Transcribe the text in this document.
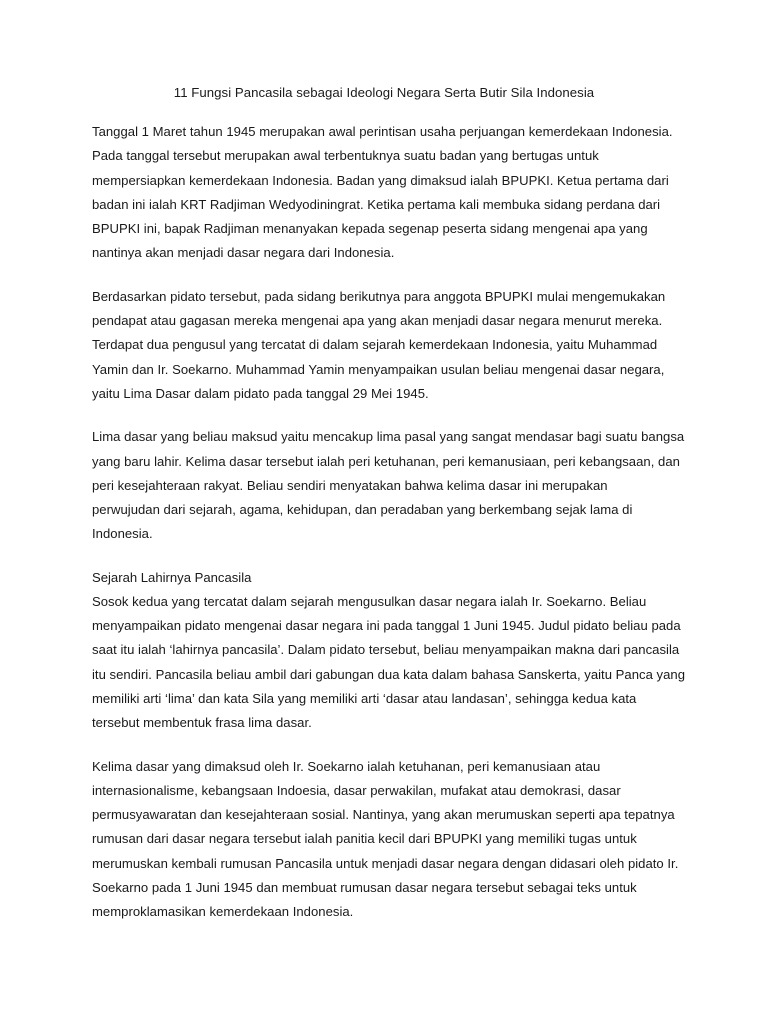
11 Fungsi Pancasila sebagai Ideologi Negara Serta Butir Sila Indonesia
Tanggal 1 Maret tahun 1945 merupakan awal perintisan usaha perjuangan kemerdekaan Indonesia.
Pada tanggal tersebut merupakan awal terbentuknya suatu badan yang bertugas untuk
mempersiapkan kemerdekaan Indonesia. Badan yang dimaksud ialah BPUPKI. Ketua pertama dari
badan ini ialah KRT Radjiman Wedyodiningrat. Ketika pertama kali membuka sidang perdana dari
BPUPKI ini, bapak Radjiman menanyakan kepada segenap peserta sidang mengenai apa yang
nantinya akan menjadi dasar negara dari Indonesia.
Berdasarkan pidato tersebut, pada sidang berikutnya para anggota BPUPKI mulai mengemukakan
pendapat atau gagasan mereka mengenai apa yang akan menjadi dasar negara menurut mereka.
Terdapat dua pengusul yang tercatat di dalam sejarah kemerdekaan Indonesia, yaitu Muhammad
Yamin dan Ir. Soekarno. Muhammad Yamin menyampaikan usulan beliau mengenai dasar negara,
yaitu Lima Dasar dalam pidato pada tanggal 29 Mei 1945.
Lima dasar yang beliau maksud yaitu mencakup lima pasal yang sangat mendasar bagi suatu bangsa
yang baru lahir. Kelima dasar tersebut ialah peri ketuhanan, peri kemanusiaan, peri kebangsaan, dan
peri kesejahteraan rakyat. Beliau sendiri menyatakan bahwa kelima dasar ini merupakan
perwujudan dari sejarah, agama, kehidupan, dan peradaban yang berkembang sejak lama di
Indonesia.
Sejarah Lahirnya Pancasila
Sosok kedua yang tercatat dalam sejarah mengusulkan dasar negara ialah Ir. Soekarno. Beliau
menyampaikan pidato mengenai dasar negara ini pada tanggal 1 Juni 1945. Judul pidato beliau pada
saat itu ialah ‘lahirnya pancasila’. Dalam pidato tersebut, beliau menyampaikan makna dari pancasila
itu sendiri. Pancasila beliau ambil dari gabungan dua kata dalam bahasa Sanskerta, yaitu Panca yang
memiliki arti ‘lima’ dan kata Sila yang memiliki arti ‘dasar atau landasan’, sehingga kedua kata
tersebut membentuk frasa lima dasar.
Kelima dasar yang dimaksud oleh Ir. Soekarno ialah ketuhanan, peri kemanusiaan atau
internasionalisme, kebangsaan Indoesia, dasar perwakilan, mufakat atau demokrasi, dasar
permusyawaratan dan kesejahteraan sosial. Nantinya, yang akan merumuskan seperti apa tepatnya
rumusan dari dasar negara tersebut ialah panitia kecil dari BPUPKI yang memiliki tugas untuk
merumuskan kembali rumusan Pancasila untuk menjadi dasar negara dengan didasari oleh pidato Ir.
Soekarno pada 1 Juni 1945 dan membuat rumusan dasar negara tersebut sebagai teks untuk
memproklamasikan kemerdekaan Indonesia.
